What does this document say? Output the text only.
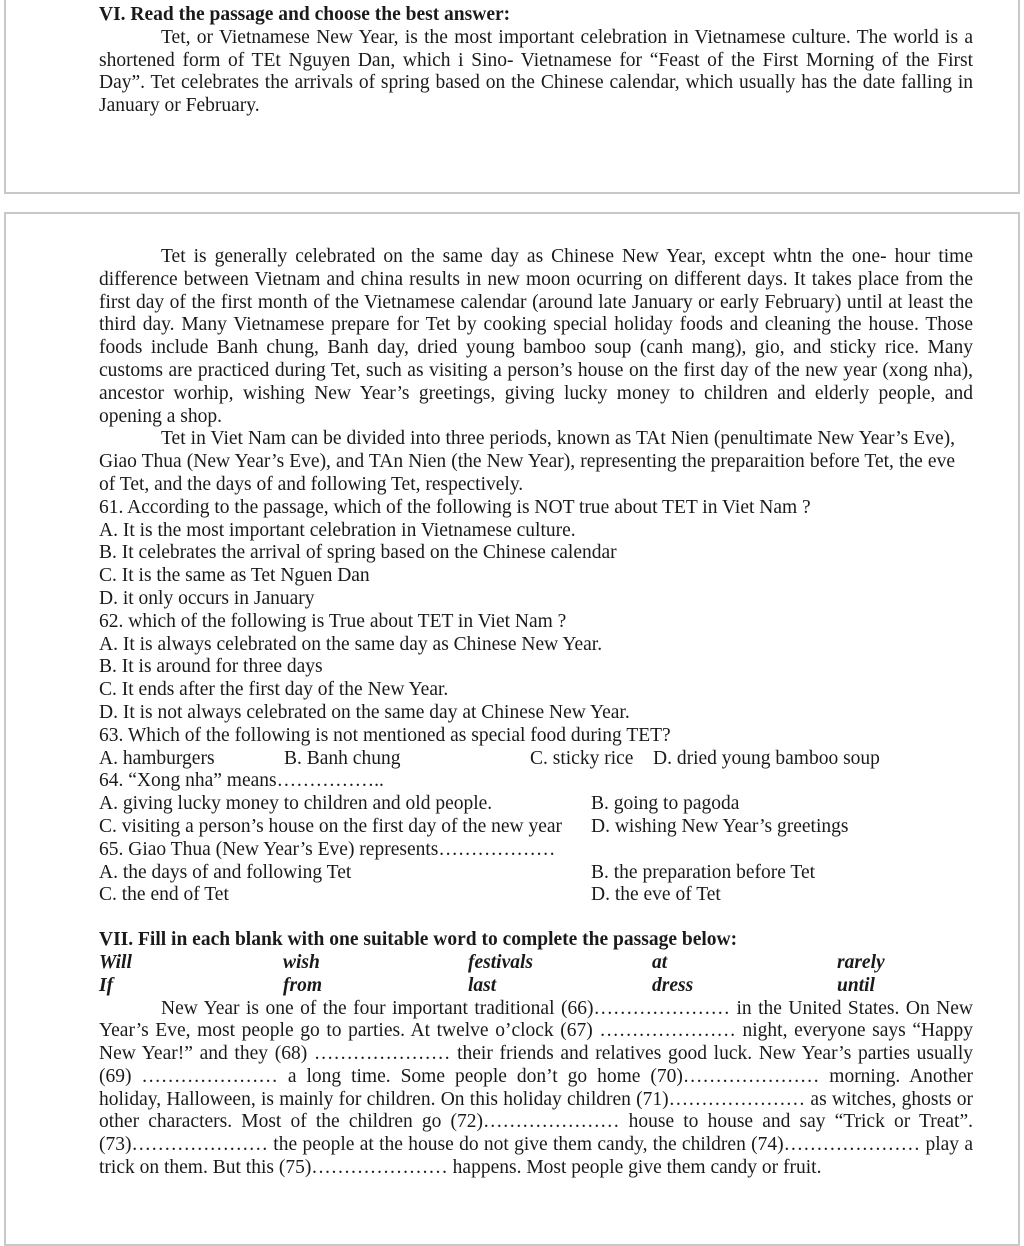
VI. Read the passage and choose the best answer:
Tet, or Vietnamese New Year, is the most important celebration in Vietnamese culture. The world is a shortened form of TEt Nguyen Dan, which i Sino- Vietnamese for “Feast of the First Morning of the First Day”. Tet celebrates the arrivals of spring based on the Chinese calendar, which usually has the date falling in January or February.
Tet is generally celebrated on the same day as Chinese New Year, except whtn the one- hour time difference between Vietnam and china results in new moon ocurring on different days. It takes place from the first day of the first month of the Vietnamese calendar (around late January or early February) until at least the third day. Many Vietnamese prepare for Tet by cooking special holiday foods and cleaning the house. Those foods include Banh chung, Banh day, dried young bamboo soup (canh mang), gio, and sticky rice. Many customs are practiced during Tet, such as visiting a person’s house on the first day of the new year (xong nha), ancestor worhip, wishing New Year’s greetings, giving lucky money to children and elderly people, and opening a shop.
Tet in Viet Nam can be divided into three periods, known as TAt Nien (penultimate New Year’s Eve), Giao Thua (New Year’s Eve), and TAn Nien (the New Year), representing the preparaition before Tet, the eve of Tet, and the days of and following Tet, respectively.
61. According to the passage, which of the following is NOT true about TET in Viet Nam ?
A. It is the most important celebration in Vietnamese culture.
B. It celebrates the arrival of spring based on the Chinese calendar
C. It is the same as Tet Nguen Dan
D. it only occurs in January
62. which of the following is True about TET in Viet Nam ?
A. It is always celebrated on the same day as Chinese New Year.
B. It is around for three days
C. It ends after the first day of the New Year.
D. It is not always celebrated on the same day at Chinese New Year.
63. Which of the following is not mentioned as special food during TET?
A. hamburgers	B. Banh chung	C. sticky rice D. dried young bamboo soup
64. “Xong nha” means……………..
A. giving lucky money to children and old people.	B. going to pagoda
C. visiting a person’s house on the first day of the new year D. wishing New Year’s greetings
65. Giao Thua (New Year’s Eve) represents………………
A. the days of and following Tet	B. the preparation before Tet
C. the end of Tet	D. the eve of Tet
VII. Fill in each blank with one suitable word to complete the passage below:
Will	wish	festivals	at	rarely
If	from	last	dress	until
New Year is one of the four important traditional (66)………………… in the United States. On New Year’s Eve, most people go to parties. At twelve o’clock (67) ………………… night, everyone says “Happy New Year!” and they (68) ………………… their friends and relatives good luck. New Year’s parties usually (69) ………………… a long time. Some people don’t go home (70)………………… morning. Another holiday, Halloween, is mainly for children. On this holiday children (71)………………… as witches, ghosts or other characters. Most of the children go (72)………………… house to house and say “Trick or Treat”. (73)………………… the people at the house do not give them candy, the children (74)………………… play a trick on them. But this (75)………………… happens. Most people give them candy or fruit.
